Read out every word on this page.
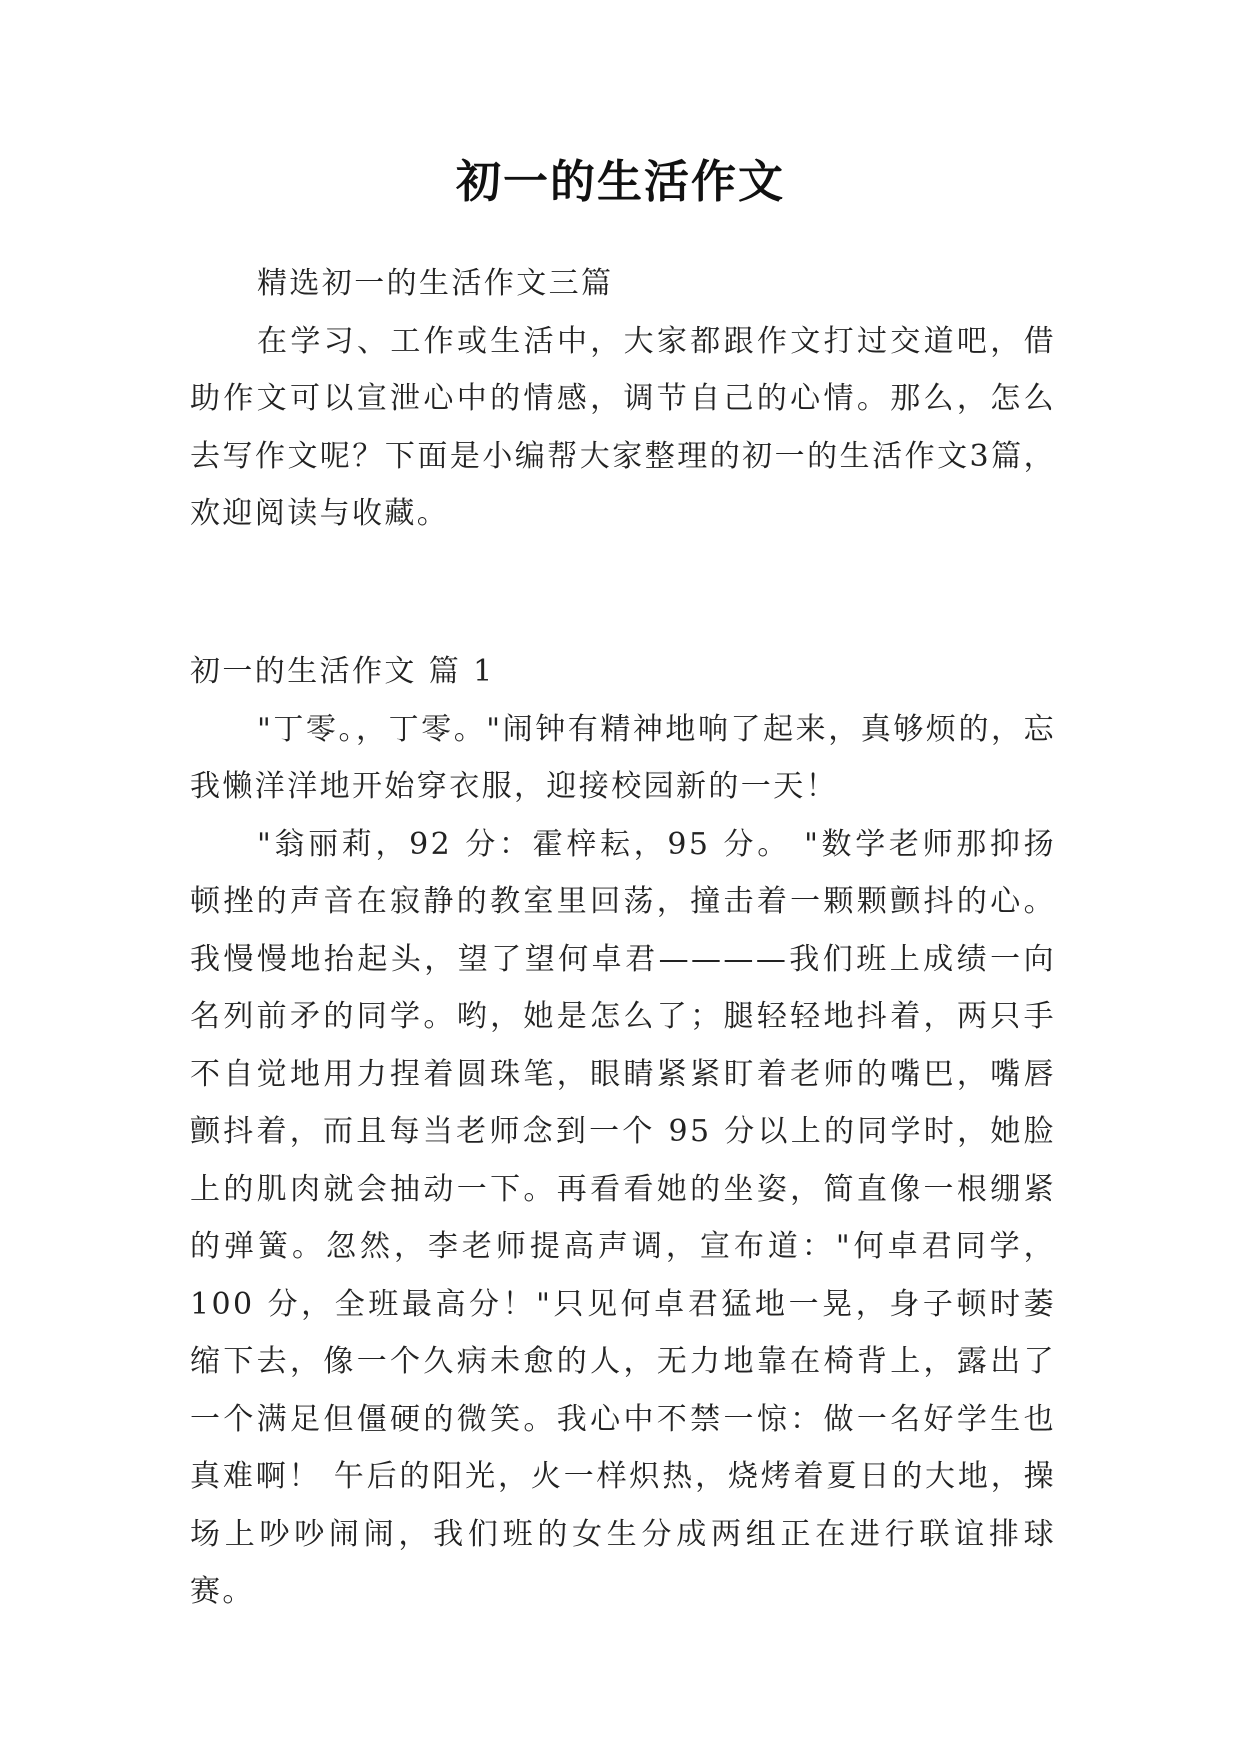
初一的生活作文

精选初一的生活作文三篇

在学习、工作或生活中，大家都跟作文打过交道吧，借助作文可以宣泄心中的情感，调节自己的心情。那么，怎么去写作文呢？下面是小编帮大家整理的初一的生活作文3篇，欢迎阅读与收藏。

初一的生活作文 篇 1

"丁零。，丁零。"闹钟有精神地响了起来，真够烦的，忘我懒洋洋地开始穿衣服，迎接校园新的一天！

"翁丽莉，92 分：霍梓耘，95 分。 "数学老师那抑扬顿挫的声音在寂静的教室里回荡，撞击着一颗颗颤抖的心。我慢慢地抬起头，望了望何卓君————我们班上成绩一向名列前矛的同学。哟，她是怎么了；腿轻轻地抖着，两只手不自觉地用力捏着圆珠笔，眼睛紧紧盯着老师的嘴巴，嘴唇颤抖着，而且每当老师念到一个 95 分以上的同学时，她脸上的肌肉就会抽动一下。再看看她的坐姿，简直像一根绷紧的弹簧。忽然，李老师提高声调，宣布道："何卓君同学，100 分，全班最高分！"只见何卓君猛地一晃，身子顿时萎缩下去，像一个久病未愈的人，无力地靠在椅背上，露出了一个满足但僵硬的微笑。我心中不禁一惊：做一名好学生也真难啊！ 午后的阳光，火一样炽热，烧烤着夏日的大地，操场上吵吵闹闹，我们班的女生分成两组正在进行联谊排球赛。
